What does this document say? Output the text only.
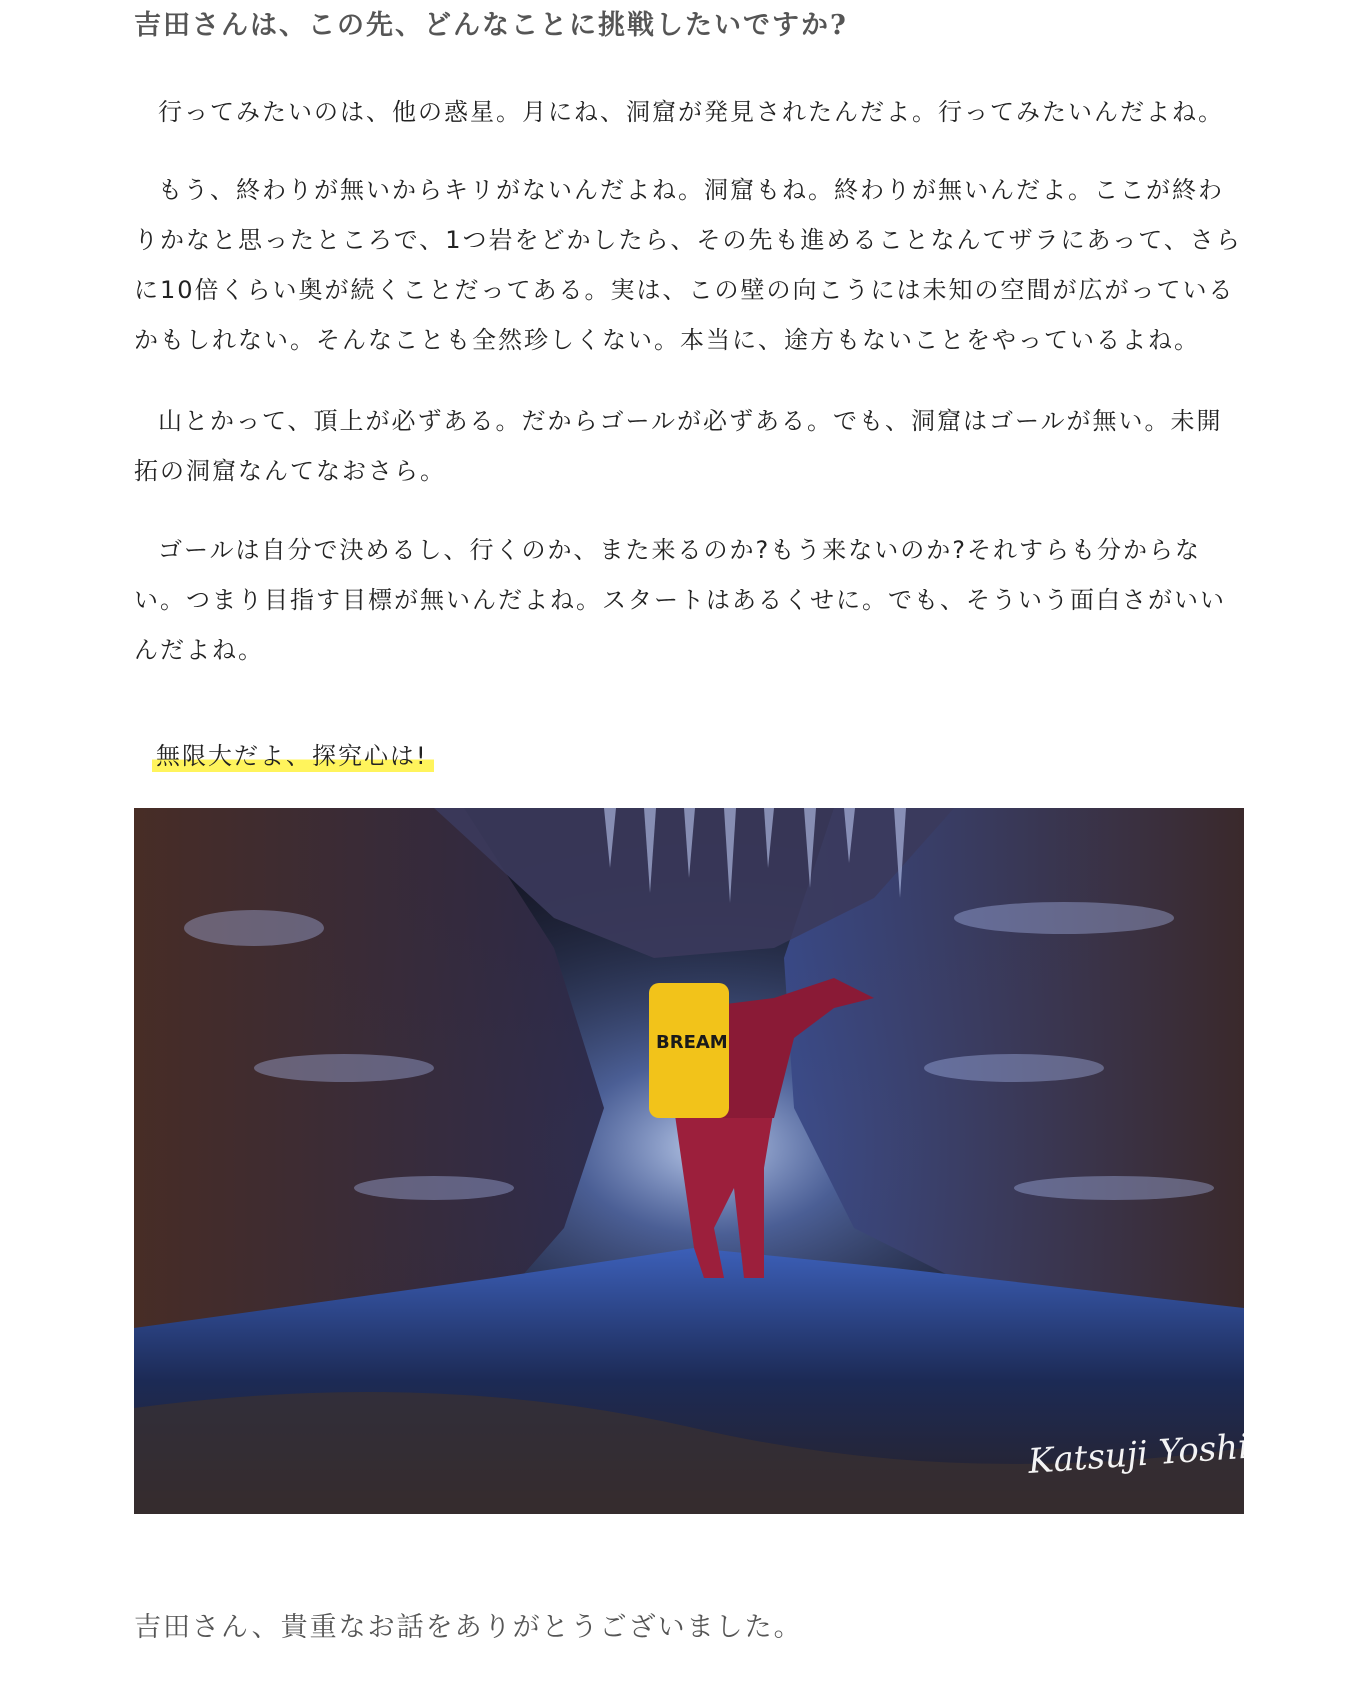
吉田さんは、この先、どんなことに挑戦したいですか?

行ってみたいのは、他の惑星。月にね、洞窟が発見されたんだよ。行ってみたいんだよね。

もう、終わりが無いからキリがないんだよね。洞窟もね。終わりが無いんだよ。ここが終わりかなと思ったところで、1つ岩をどかしたら、その先も進めることなんてザラにあって、さらに10倍くらい奥が続くことだってある。実は、この壁の向こうには未知の空間が広がっているかもしれない。そんなことも全然珍しくない。本当に、途方もないことをやっているよね。

山とかって、頂上が必ずある。だからゴールが必ずある。でも、洞窟はゴールが無い。未開拓の洞窟なんてなおさら。

ゴールは自分で決めるし、行くのか、また来るのか?もう来ないのか?それすらも分からない。つまり目指す目標が無いんだよね。スタートはあるくせに。でも、そういう面白さがいいんだよね。

無限大だよ、探究心は!

BREAM
Katsuji Yoshida

吉田さん、貴重なお話をありがとうございました。
